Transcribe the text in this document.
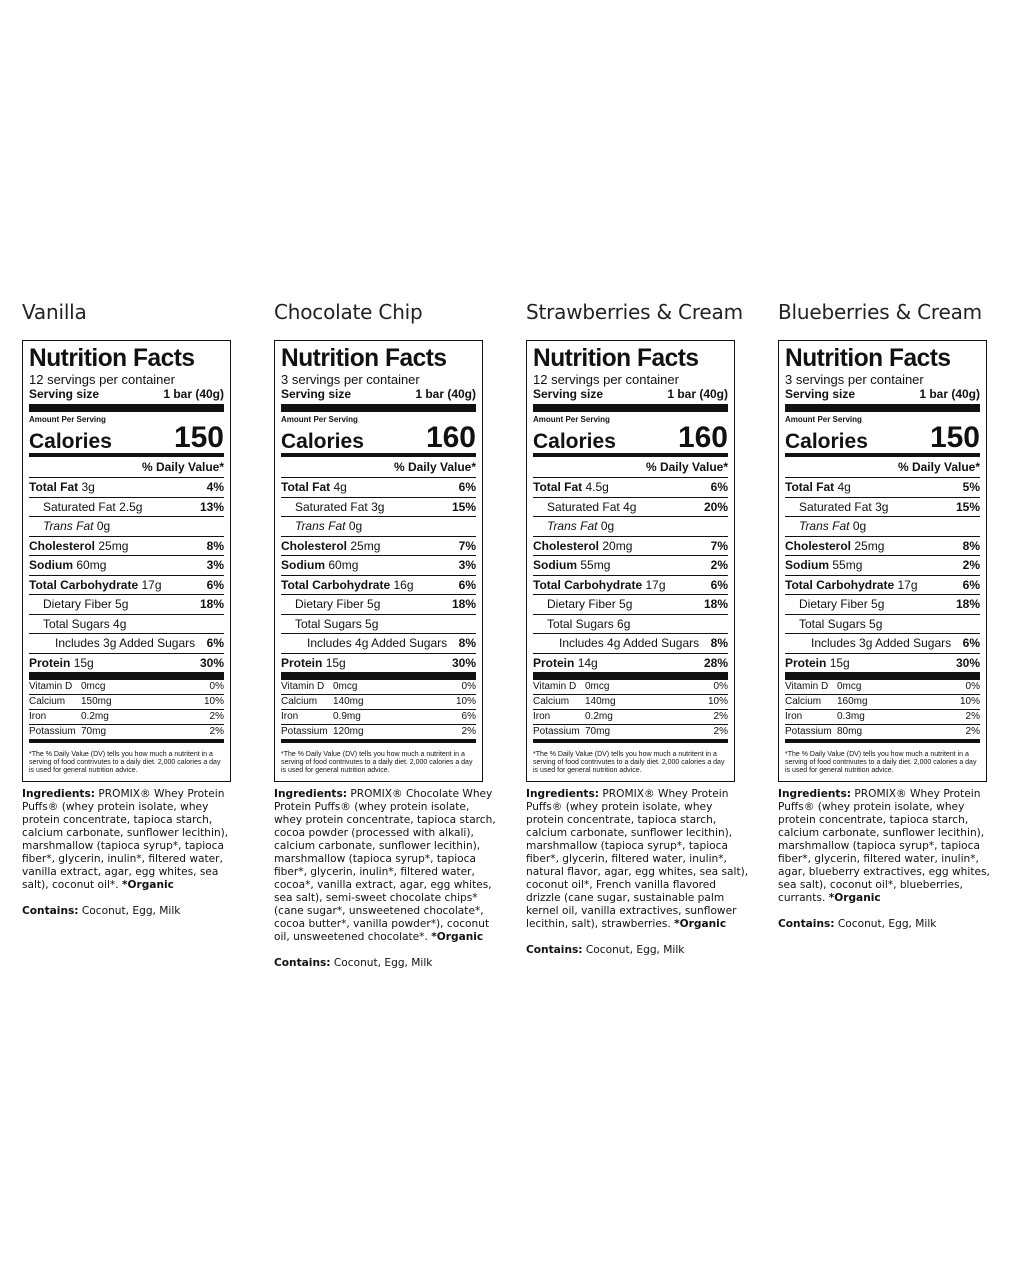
Vanilla
Nutrition Facts
12 servings per container
Serving size	1 bar (40g)
Amount Per Serving
Calories 150
% Daily Value*
Total Fat 3g	4%
Saturated Fat 2.5g	13%
Trans Fat 0g
Cholesterol 25mg	8%
Sodium 60mg	3%
Total Carbohydrate 17g	6%
Dietary Fiber 5g	18%
Total Sugars 4g
Includes 3g Added Sugars 6%
Protein 15g	30%
Vitamin D 0mcg	0%
Calcium	150mg	10%
Iron	0.2mg	2%
Potassium 70mg	2%
*The % Daily Value (DV) tells you how much a nutritent in a serving of food contrivutes to a daily diet. 2,000 calories a day is used for general nutrition advice.
Ingredients: PROMIX® Whey Protein Puffs® (whey protein isolate, whey protein concentrate, tapioca starch, calcium carbonate, sunflower lecithin), marshmallow (tapioca syrup*, tapioca fiber*, glycerin, inulin*, filtered water, vanilla extract, agar, egg whites, sea salt), coconut oil*. *Organic
Contains: Coconut, Egg, Milk
Chocolate Chip
Nutrition Facts
3 servings per container
Serving size	1 bar (40g)
Amount Per Serving
Calories 160
% Daily Value*
Total Fat 4g	6%
Saturated Fat 3g	15%
Trans Fat 0g
Cholesterol 25mg	7%
Sodium 60mg	3%
Total Carbohydrate 16g	6%
Dietary Fiber 5g	18%
Total Sugars 5g
Includes 4g Added Sugars 8%
Protein 15g	30%
Vitamin D 0mcg	0%
Calcium	140mg	10%
Iron	0.9mg	6%
Potassium 120mg	2%
*The % Daily Value (DV) tells you how much a nutritent in a serving of food contrivutes to a daily diet. 2,000 calories a day is used for general nutrition advice.
Ingredients: PROMIX® Chocolate Whey Protein Puffs® (whey protein isolate, whey protein concentrate, tapioca starch, cocoa powder (processed with alkali), calcium carbonate, sunflower lecithin), marshmallow (tapioca syrup*, tapioca fiber*, glycerin, inulin*, filtered water, cocoa*, vanilla extract, agar, egg whites, sea salt), semi-sweet chocolate chips* (cane sugar*, unsweetened chocolate*, cocoa butter*, vanilla powder*), coconut oil, unsweetened chocolate*. *Organic
Contains: Coconut, Egg, Milk
Strawberries & Cream
Nutrition Facts
12 servings per container
Serving size	1 bar (40g)
Amount Per Serving
Calories 160
% Daily Value*
Total Fat 4.5g	6%
Saturated Fat 4g	20%
Trans Fat 0g
Cholesterol 20mg	7%
Sodium 55mg	2%
Total Carbohydrate 17g	6%
Dietary Fiber 5g	18%
Total Sugars 6g
Includes 4g Added Sugars 8%
Protein 14g	28%
Vitamin D 0mcg	0%
Calcium	140mg	10%
Iron	0.2mg	2%
Potassium 70mg	2%
*The % Daily Value (DV) tells you how much a nutritent in a serving of food contrivutes to a daily diet. 2,000 calories a day is used for general nutrition advice.
Ingredients: PROMIX® Whey Protein Puffs® (whey protein isolate, whey protein concentrate, tapioca starch, calcium carbonate, sunflower lecithin), marshmallow (tapioca syrup*, tapioca fiber*, glycerin, filtered water, inulin*, natural flavor, agar, egg whites, sea salt), coconut oil*, French vanilla flavored drizzle (cane sugar, sustainable palm kernel oil, vanilla extractives, sunflower lecithin, salt), strawberries. *Organic
Contains: Coconut, Egg, Milk
Blueberries & Cream
Nutrition Facts
3 servings per container
Serving size	1 bar (40g)
Amount Per Serving
Calories 150
% Daily Value*
Total Fat 4g	5%
Saturated Fat 3g	15%
Trans Fat 0g
Cholesterol 25mg	8%
Sodium 55mg	2%
Total Carbohydrate 17g	6%
Dietary Fiber 5g	18%
Total Sugars 5g
Includes 3g Added Sugars 6%
Protein 15g	30%
Vitamin D 0mcg	0%
Calcium	160mg	10%
Iron	0.3mg	2%
Potassium 80mg	2%
*The % Daily Value (DV) tells you how much a nutritent in a serving of food contrivutes to a daily diet. 2,000 calories a day is used for general nutrition advice.
Ingredients: PROMIX® Whey Protein Puffs® (whey protein isolate, whey protein concentrate, tapioca starch, calcium carbonate, sunflower lecithin), marshmallow (tapioca syrup*, tapioca fiber*, glycerin, filtered water, inulin*, agar, blueberry extractives, egg whites, sea salt), coconut oil*, blueberries, currants. *Organic
Contains: Coconut, Egg, Milk
